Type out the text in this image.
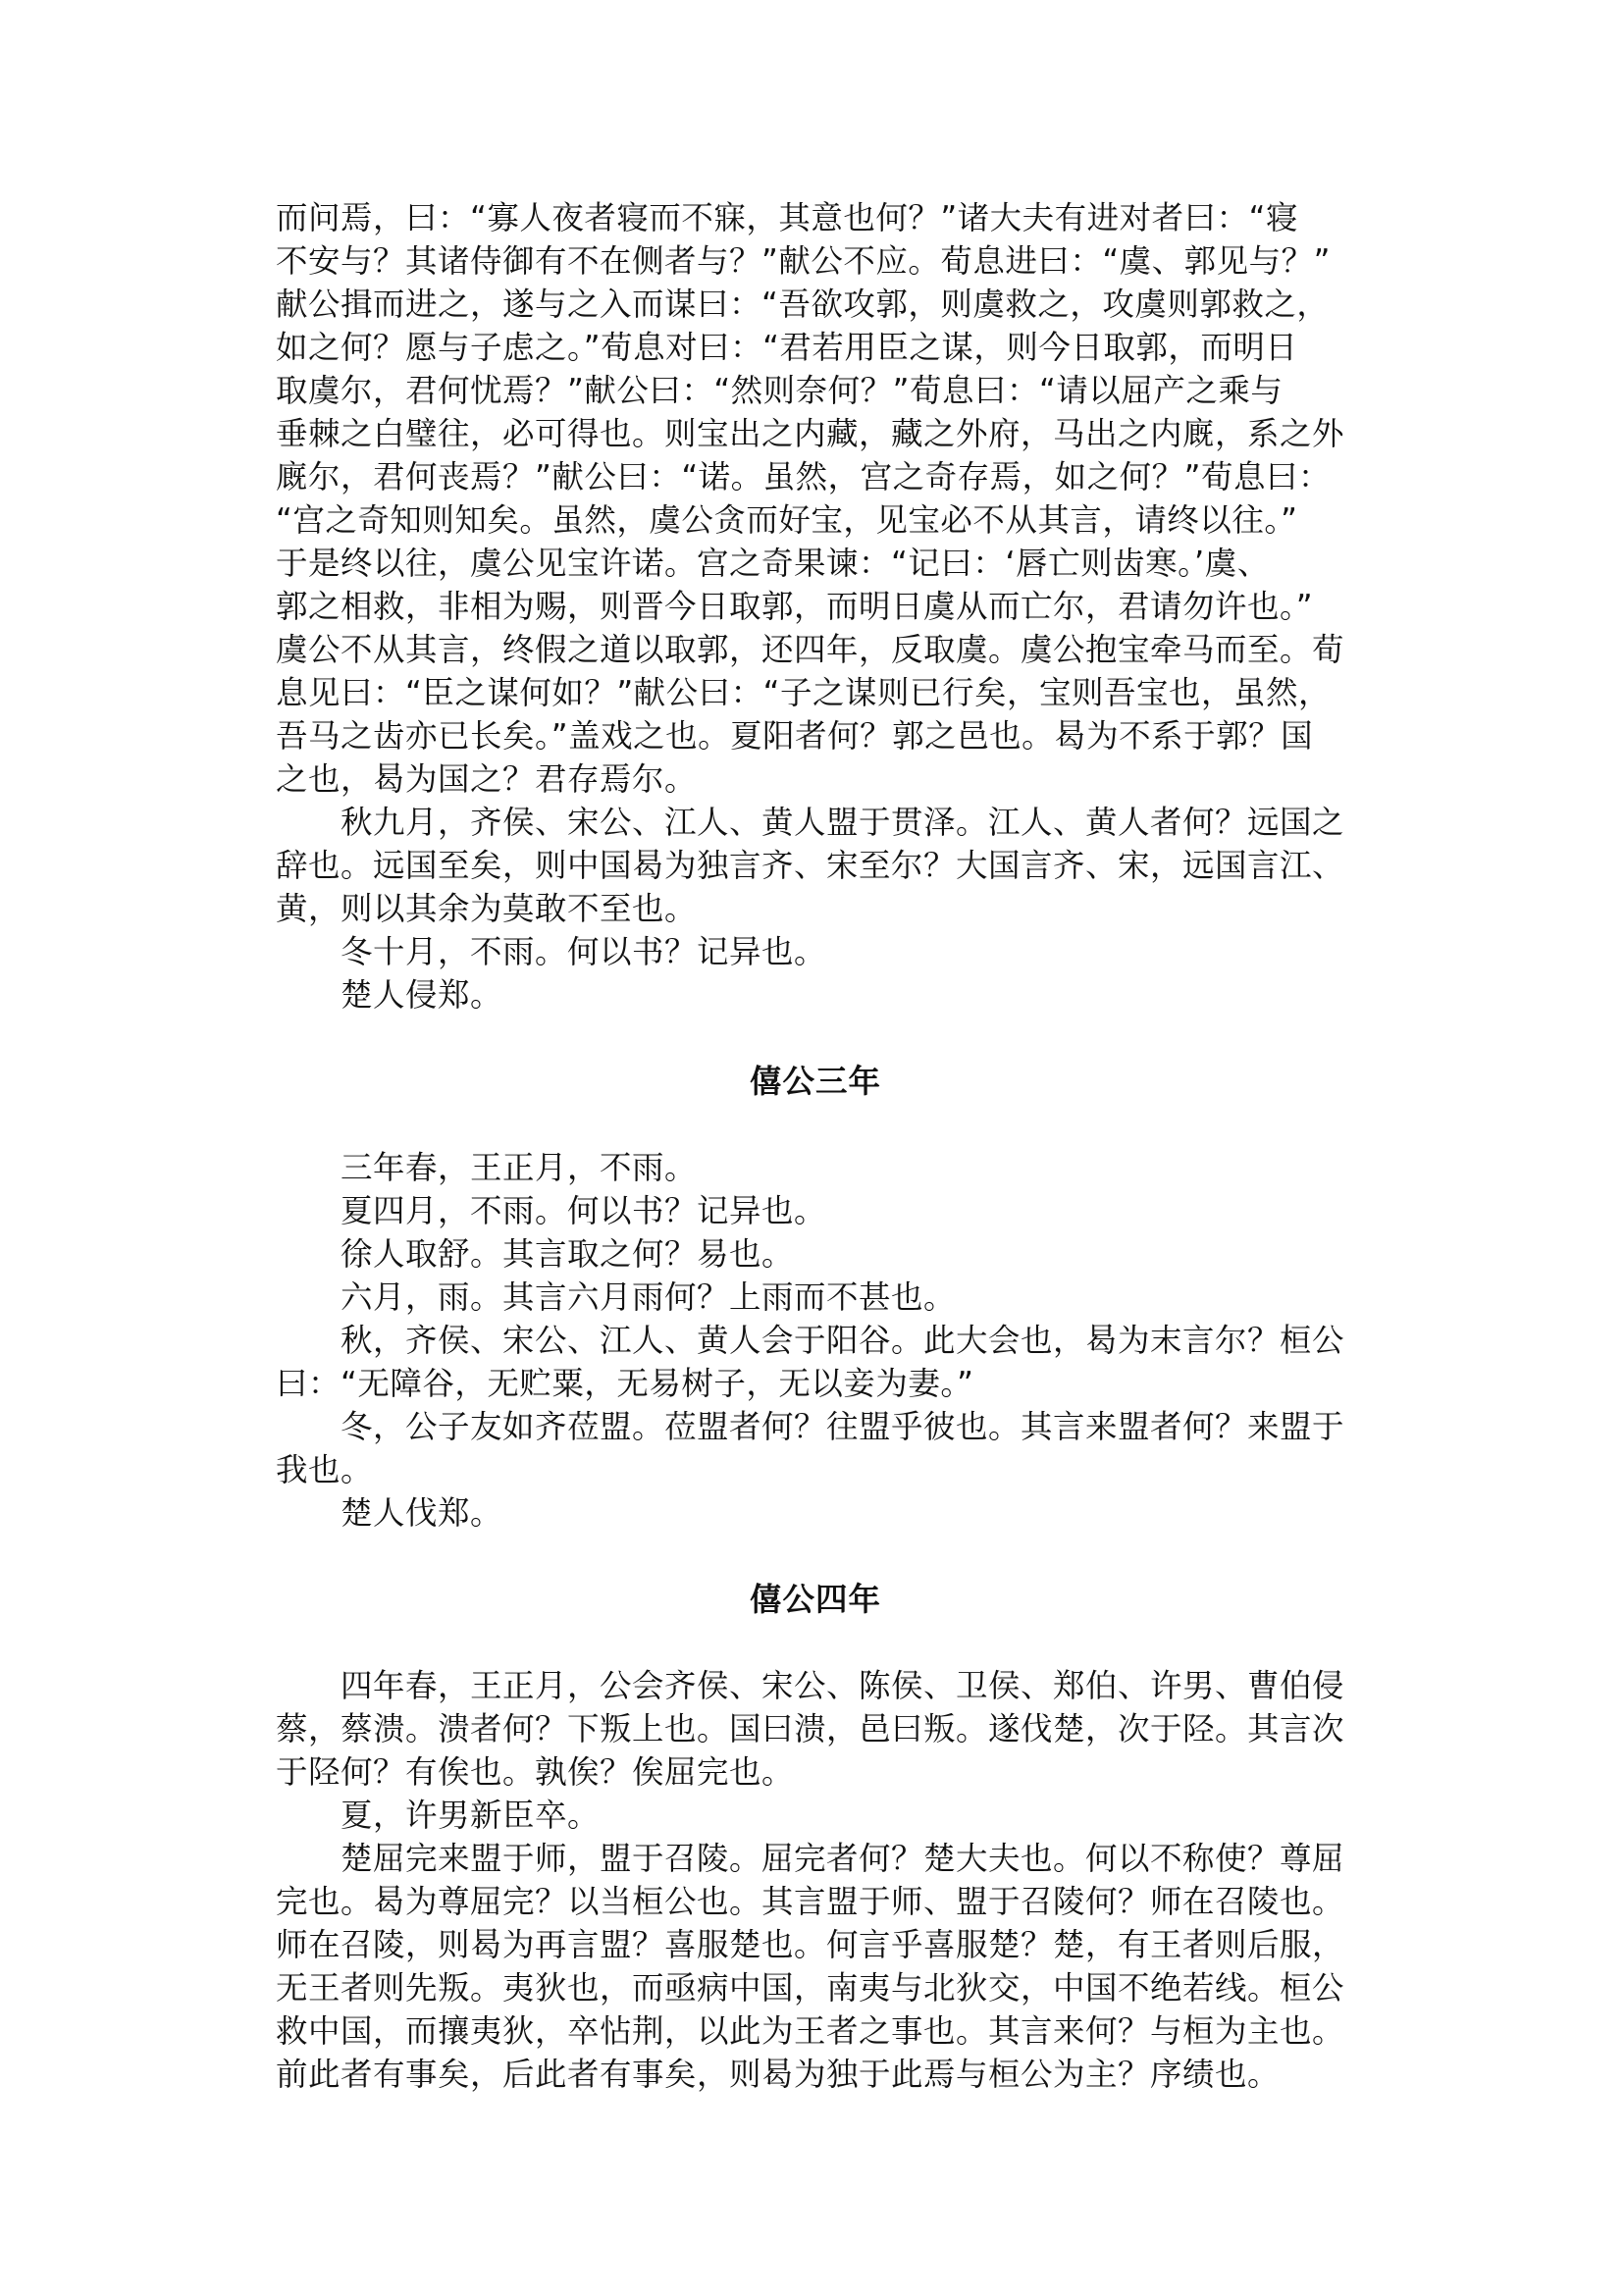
而问焉，曰：“寡人夜者寝而不寐，其意也何？”诸大夫有进对者曰：“寝
不安与？其诸侍御有不在侧者与？”献公不应。荀息进曰：“虞、郭见与？”
献公揖而进之，遂与之入而谋曰：“吾欲攻郭，则虞救之，攻虞则郭救之，
如之何？愿与子虑之。”荀息对曰：“君若用臣之谋，则今日取郭，而明日
取虞尔，君何忧焉？”献公曰：“然则奈何？”荀息曰：“请以屈产之乘与
垂棘之白璧往，必可得也。则宝出之内藏，藏之外府，马出之内廐，系之外
廐尔，君何丧焉？”献公曰：“诺。虽然，宫之奇存焉，如之何？”荀息曰：
“宫之奇知则知矣。虽然，虞公贪而好宝，见宝必不从其言，请终以往。”
于是终以往，虞公见宝许诺。宫之奇果谏：“记曰：‘唇亡则齿寒。’虞、
郭之相救，非相为赐，则晋今日取郭，而明日虞从而亡尔，君请勿许也。”
虞公不从其言，终假之道以取郭，还四年，反取虞。虞公抱宝牵马而至。荀
息见曰：“臣之谋何如？”献公曰：“子之谋则已行矣，宝则吾宝也，虽然，
吾马之齿亦已长矣。”盖戏之也。夏阳者何？郭之邑也。曷为不系于郭？国
之也，曷为国之？君存焉尔。
秋九月，齐侯、宋公、江人、黄人盟于贯泽。江人、黄人者何？远国之
辞也。远国至矣，则中国曷为独言齐、宋至尔？大国言齐、宋，远国言江、
黄，则以其余为莫敢不至也。
冬十月，不雨。何以书？记异也。
楚人侵郑。
僖公三年
三年春，王正月，不雨。
夏四月，不雨。何以书？记异也。
徐人取舒。其言取之何？易也。
六月，雨。其言六月雨何？上雨而不甚也。
秋，齐侯、宋公、江人、黄人会于阳谷。此大会也，曷为末言尔？桓公
曰：“无障谷，无贮粟，无易树子，无以妾为妻。”
冬，公子友如齐莅盟。莅盟者何？往盟乎彼也。其言来盟者何？来盟于
我也。
楚人伐郑。
僖公四年
四年春，王正月，公会齐侯、宋公、陈侯、卫侯、郑伯、许男、曹伯侵
蔡，蔡溃。溃者何？下叛上也。国曰溃，邑曰叛。遂伐楚，次于陉。其言次
于陉何？有俟也。孰俟？俟屈完也。
夏，许男新臣卒。
楚屈完来盟于师，盟于召陵。屈完者何？楚大夫也。何以不称使？尊屈
完也。曷为尊屈完？以当桓公也。其言盟于师、盟于召陵何？师在召陵也。
师在召陵，则曷为再言盟？喜服楚也。何言乎喜服楚？楚，有王者则后服，
无王者则先叛。夷狄也，而亟病中国，南夷与北狄交，中国不绝若线。桓公
救中国，而攘夷狄，卒怗荆，以此为王者之事也。其言来何？与桓为主也。
前此者有事矣，后此者有事矣，则曷为独于此焉与桓公为主？序绩也。
